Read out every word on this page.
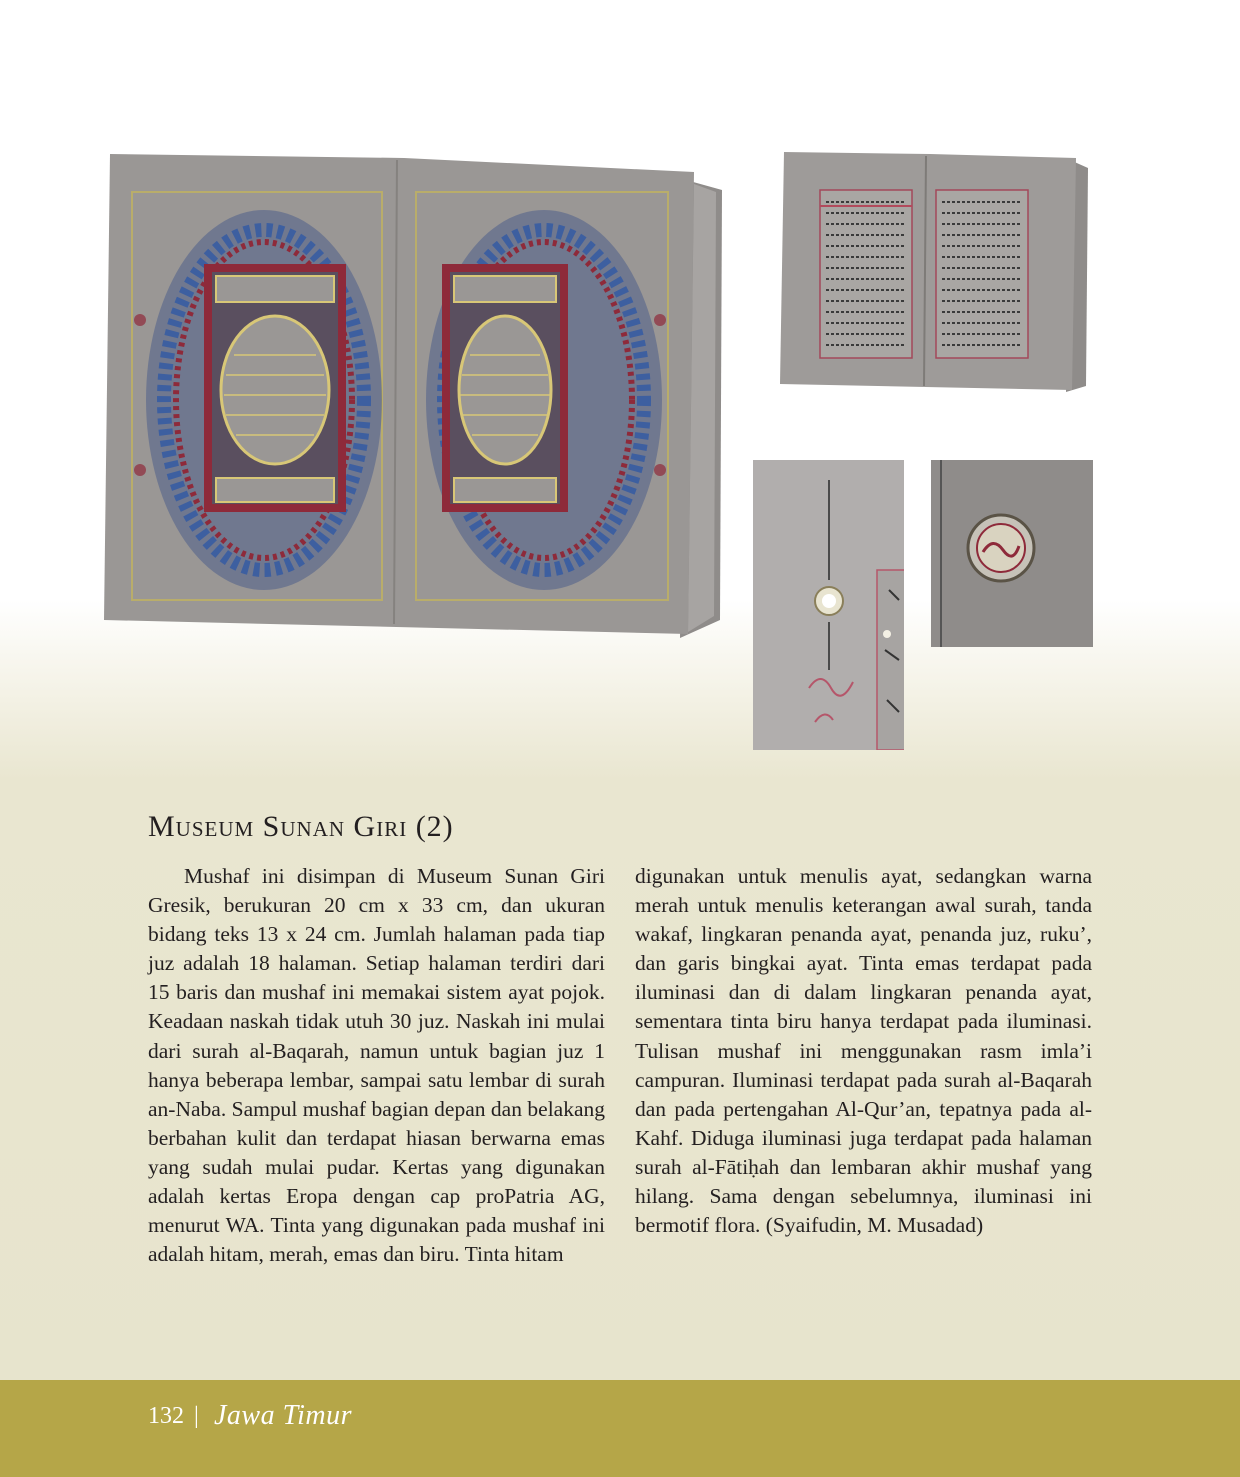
Museum Sunan Giri (2)

Mushaf ini disimpan di Museum Sunan Giri Gresik, berukuran 20 cm x 33 cm, dan ukuran bidang teks 13 x 24 cm. Jumlah halaman pada tiap juz adalah 18 halaman. Setiap halaman terdiri dari 15 baris dan mushaf ini memakai sistem ayat pojok. Keadaan naskah tidak utuh 30 juz. Naskah ini mulai dari surah al-Baqarah, namun untuk bagian juz 1 hanya beberapa lembar, sampai satu lembar di surah an-Naba. Sampul mushaf bagian depan dan belakang berbahan kulit dan terdapat hiasan berwarna emas yang sudah mulai pudar. Kertas yang digunakan adalah kertas Eropa dengan cap proPatria AG, menurut WA. Tinta yang digunakan pada mushaf ini adalah hitam, merah, emas dan biru. Tinta hitam

digunakan untuk menulis ayat, sedangkan warna merah untuk menulis keterangan awal surah, tanda wakaf, lingkaran penanda ayat, penanda juz, ruku’, dan garis bingkai ayat. Tinta emas terdapat pada iluminasi dan di dalam lingkaran penanda ayat, sementara tinta biru hanya terdapat pada iluminasi. Tulisan mushaf ini menggunakan rasm imla’i campuran. Iluminasi terdapat pada surah al-Baqarah dan pada pertengahan Al-Qur’an, tepatnya pada al-Kahf. Diduga iluminasi juga terdapat pada halaman surah al-Fātiḥah dan lembaran akhir mushaf yang hilang. Sama dengan sebelumnya, iluminasi ini bermotif flora. (Syaifudin, M. Musadad)

132 | Jawa Timur
